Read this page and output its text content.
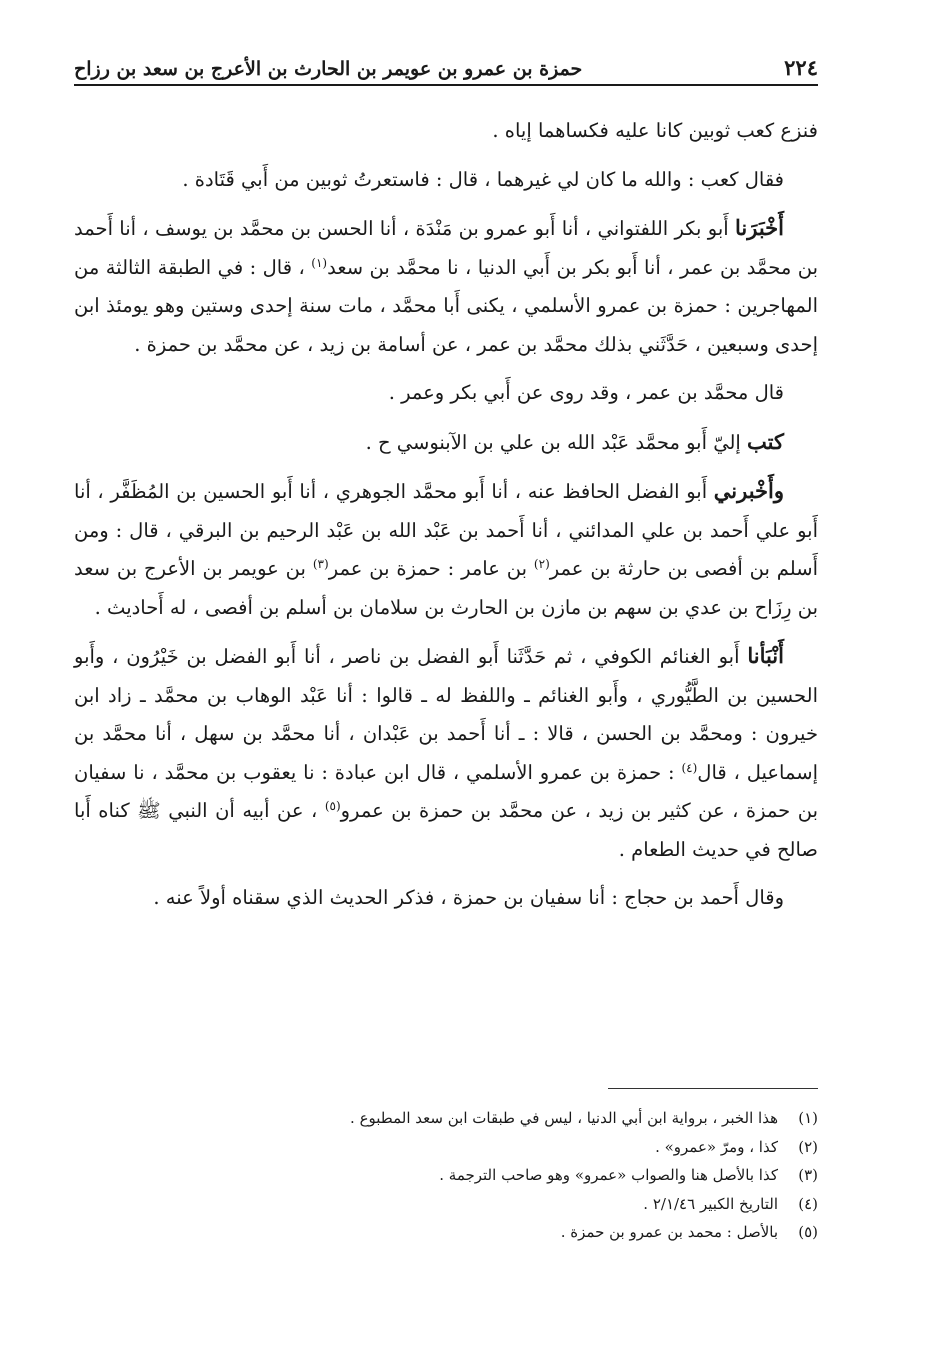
٢٢٤
حمزة بن عمرو بن عويمر بن الحارث بن الأعرج بن سعد بن رزاح

فنزع كعب ثوبين كانا عليه فكساهما إياه .

فقال كعب : والله ما كان لي غيرهما ، قال : فاستعرتُ ثوبين من أَبي قَتَادة .

أَخْبَرَنا أَبو بكر اللفتواني ، أنا أَبو عمرو بن مَنْدَة ، أنا الحسن بن محمَّد بن يوسف ، أنا أَحمد بن محمَّد بن عمر ، أنا أَبو بكر بن أَبي الدنيا ، نا محمَّد بن سعد$^{(١)}$ ، قال : في الطبقة الثالثة من المهاجرين : حمزة بن عمرو الأسلمي ، يكنى أَبا محمَّد ، مات سنة إحدى وستين وهو يومئذ ابن إحدى وسبعين ، حَدَّثَني بذلك محمَّد بن عمر ، عن أسامة بن زيد ، عن محمَّد بن حمزة .

قال محمَّد بن عمر ، وقد روى عن أَبي بكر وعمر .

كتب إليّ أَبو محمَّد عَبْد الله بن علي بن الآبنوسي ح .

وأَخْبرني أَبو الفضل الحافظ عنه ، أنا أَبو محمَّد الجوهري ، أنا أَبو الحسين بن المُظَفَّر ، أنا أَبو علي أَحمد بن علي المدائني ، أنا أَحمد بن عَبْد الله بن عَبْد الرحيم بن البرقي ، قال : ومن أَسلم بن أفصى بن حارثة بن عمر$^{(٢)}$ بن عامر : حمزة بن عمر$^{(٣)}$ بن عويمر بن الأعرج بن سعد بن رِزَاح بن عدي بن سهم بن مازن بن الحارث بن سلامان بن أسلم بن أفصى ، له أَحاديث .

أَنْبَأنا أَبو الغنائم الكوفي ، ثم حَدَّثَنا أَبو الفضل بن ناصر ، أنا أَبو الفضل بن خَيْرُون ، وأَبو الحسين بن الطَّيُّوري ، وأَبو الغنائم ـ واللفظ له ـ قالوا : أنا عَبْد الوهاب بن محمَّد ـ زاد ابن خيرون : ومحمَّد بن الحسن ، قالا : ـ أنا أَحمد بن عَبْدان ، أنا محمَّد بن سهل ، أنا محمَّد بن إسماعيل ، قال$^{(٤)}$ : حمزة بن عمرو الأسلمي ، قال ابن عبادة : نا يعقوب بن محمَّد ، نا سفيان بن حمزة ، عن كثير بن زيد ، عن محمَّد بن حمزة بن عمرو$^{(٥)}$ ، عن أبيه أن النبي ﷺ كناه أَبا صالح في حديث الطعام .

وقال أَحمد بن حجاج : أنا سفيان بن حمزة ، فذكر الحديث الذي سقناه أولاً عنه .

(١)
هذا الخبر ، برواية ابن أبي الدنيا ، ليس في طبقات ابن سعد المطبوع .
(٢)
كذا ، ومرّ «عمرو» .
(٣)
كذا بالأصل هنا والصواب «عمرو» وهو صاحب الترجمة .
(٤)
التاريخ الكبير ٢/١/٤٦ .
(٥)
بالأصل : محمد بن عمرو بن حمزة .
